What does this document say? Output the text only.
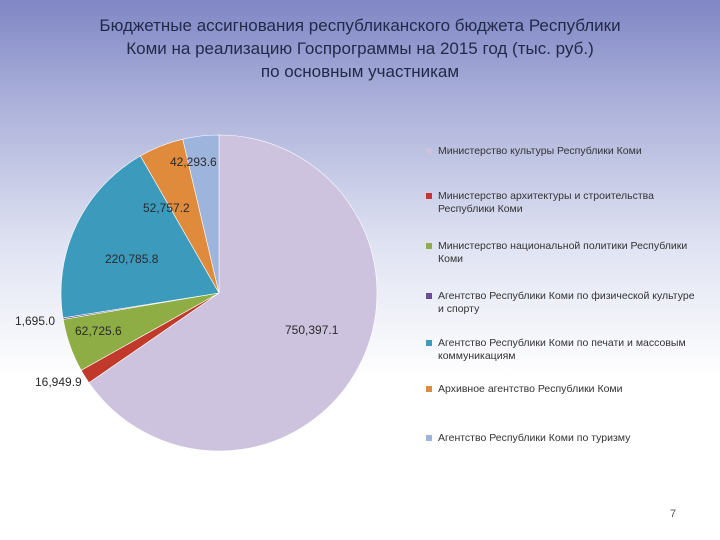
Бюджетные ассигнования республиканского бюджета Республики
Коми на реализацию Госпрограммы на 2015 год (тыс. руб.)
по основным участникам
750,397.1
16,949.9
62,725.6
1,695.0
220,785.8
52,757.2
42,293.6
Министерство культуры Республики Коми
Министерство архитектуры и строительства Республики Коми
Министерство национальной политики Республики Коми
Агентство Республики Коми по физической культуре и спорту
Агентство Республики Коми по печати и массовым коммуникациям
Архивное агентство Республики Коми
Агентство Республики Коми по туризму
7
